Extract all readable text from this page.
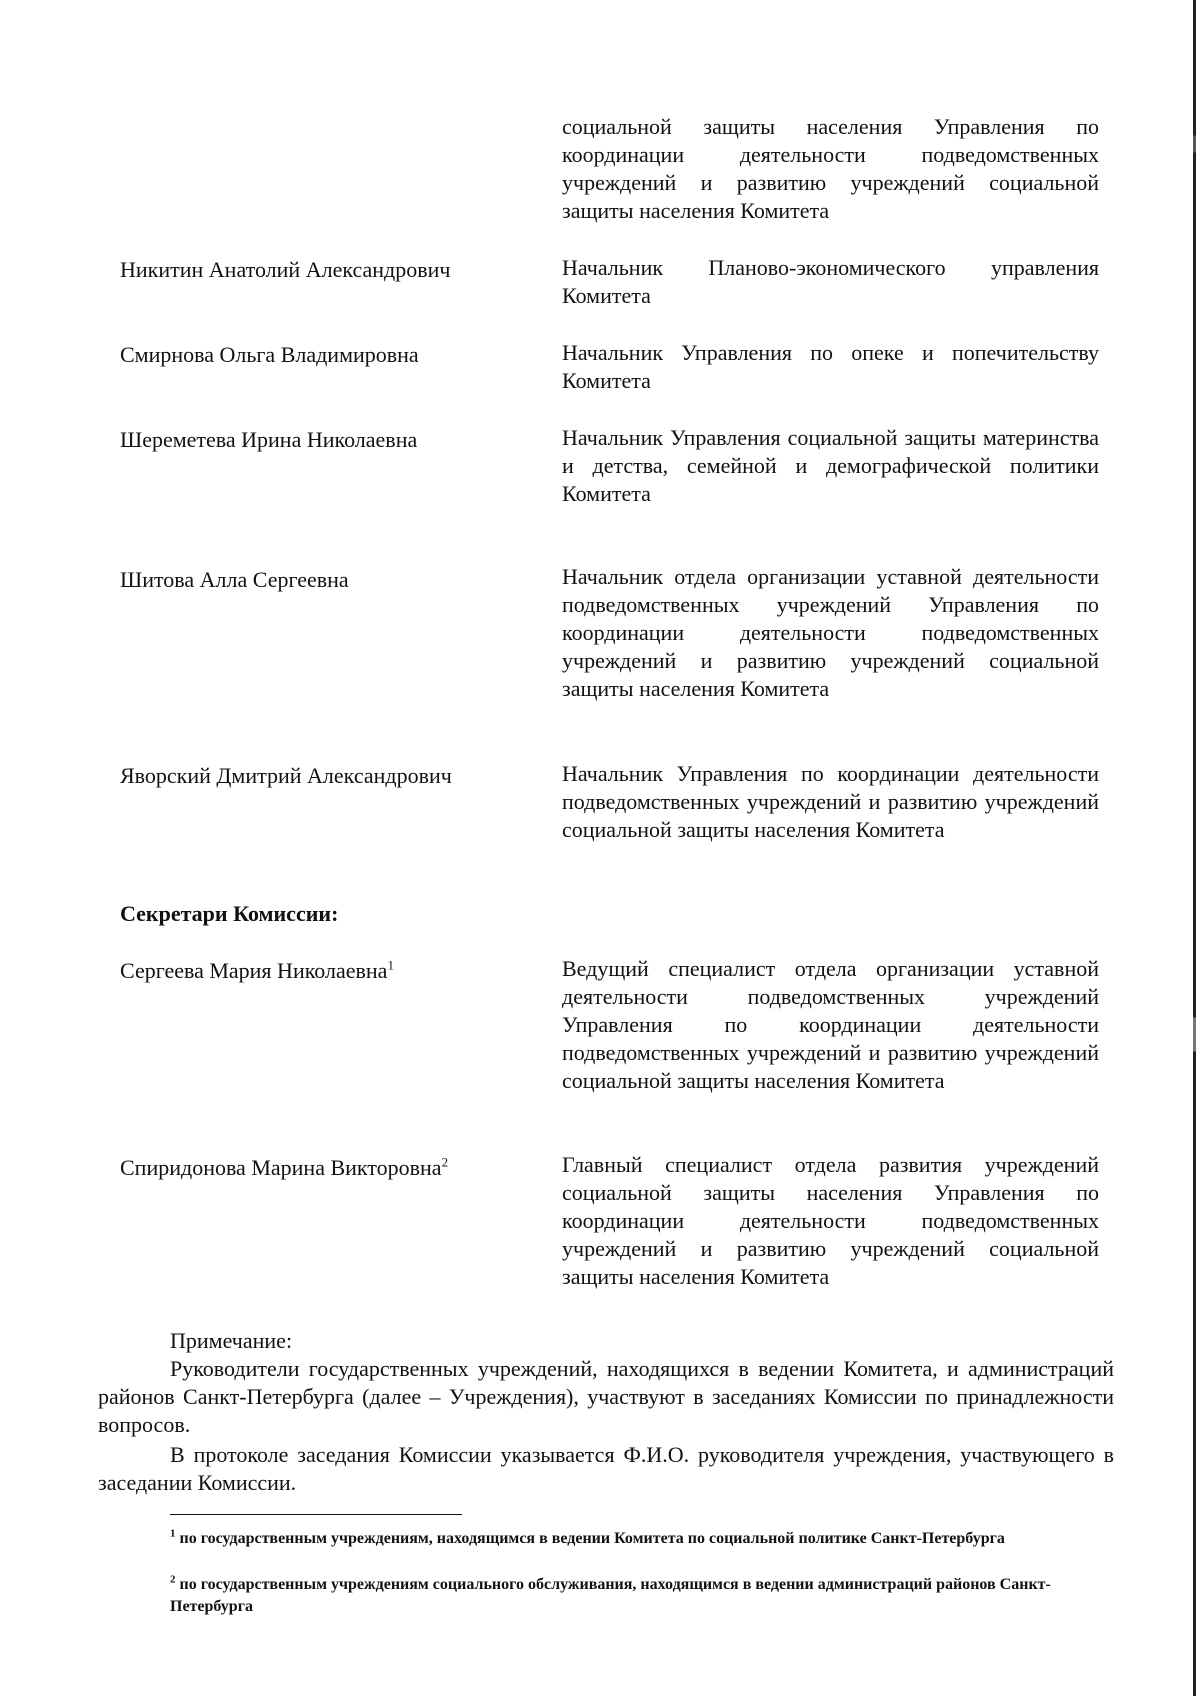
социальной защиты населения Управления по координации деятельности подведомственных учреждений и развитию учреждений социальной защиты населения Комитета
Никитин Анатолий Александрович	Начальник Планово-экономического управления Комитета
Смирнова Ольга Владимировна	Начальник Управления по опеке и попечительству Комитета
Шереметева Ирина Николаевна	Начальник Управления социальной защиты материнства и детства, семейной и демографической политики Комитета
Шитова Алла Сергеевна	Начальник отдела организации уставной деятельности подведомственных учреждений Управления по координации деятельности подведомственных учреждений и развитию учреждений социальной защиты населения Комитета
Яворский Дмитрий Александрович	Начальник Управления по координации деятельности подведомственных учреждений и развитию учреждений социальной защиты населения Комитета
Секретари Комиссии:
Сергеева Мария Николаевна$^1$	Ведущий специалист отдела организации уставной деятельности подведомственных учреждений Управления по координации деятельности подведомственных учреждений и развитию учреждений социальной защиты населения Комитета
Спиридонова Марина Викторовна$^2$	Главный специалист отдела развития учреждений социальной защиты населения Управления по координации деятельности подведомственных учреждений и развитию учреждений социальной защиты населения Комитета
Примечание:
Руководители государственных учреждений, находящихся в ведении Комитета, и администраций районов Санкт-Петербурга (далее – Учреждения), участвуют в заседаниях Комиссии по принадлежности вопросов.
В протоколе заседания Комиссии указывается Ф.И.О. руководителя учреждения, участвующего в заседании Комиссии.
$^1$ по государственным учреждениям, находящимся в ведении Комитета по социальной политике Санкт-Петербурга
$^2$ по государственным учреждениям социального обслуживания, находящимся в ведении администраций районов Санкт-Петербурга
